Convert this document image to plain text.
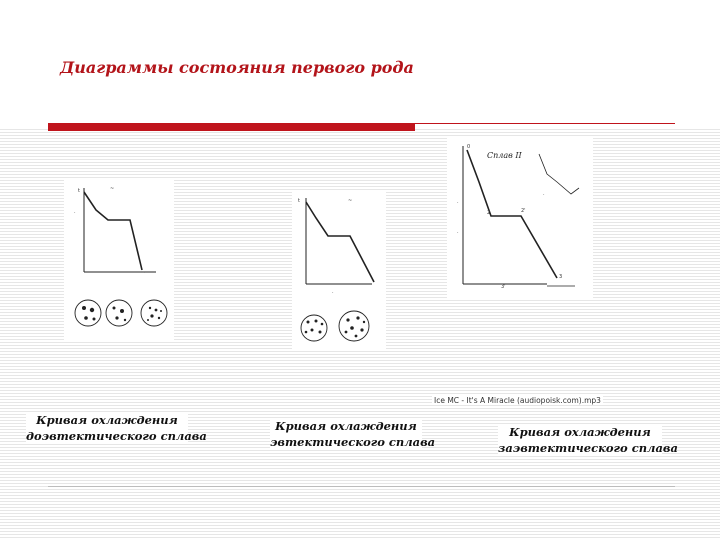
Диаграммы состояния первого рода
t	~
·
·
t	~
·
Сплав II
0
·
·
2	2'
3
3'
·
Кривая охлаждения
доэвтектического сплава
Кривая охлаждения
эвтектического сплава
Кривая охлаждения
заэвтектического сплава
Ice MC - It's A Miracle (audiopoisk.com).mp3
